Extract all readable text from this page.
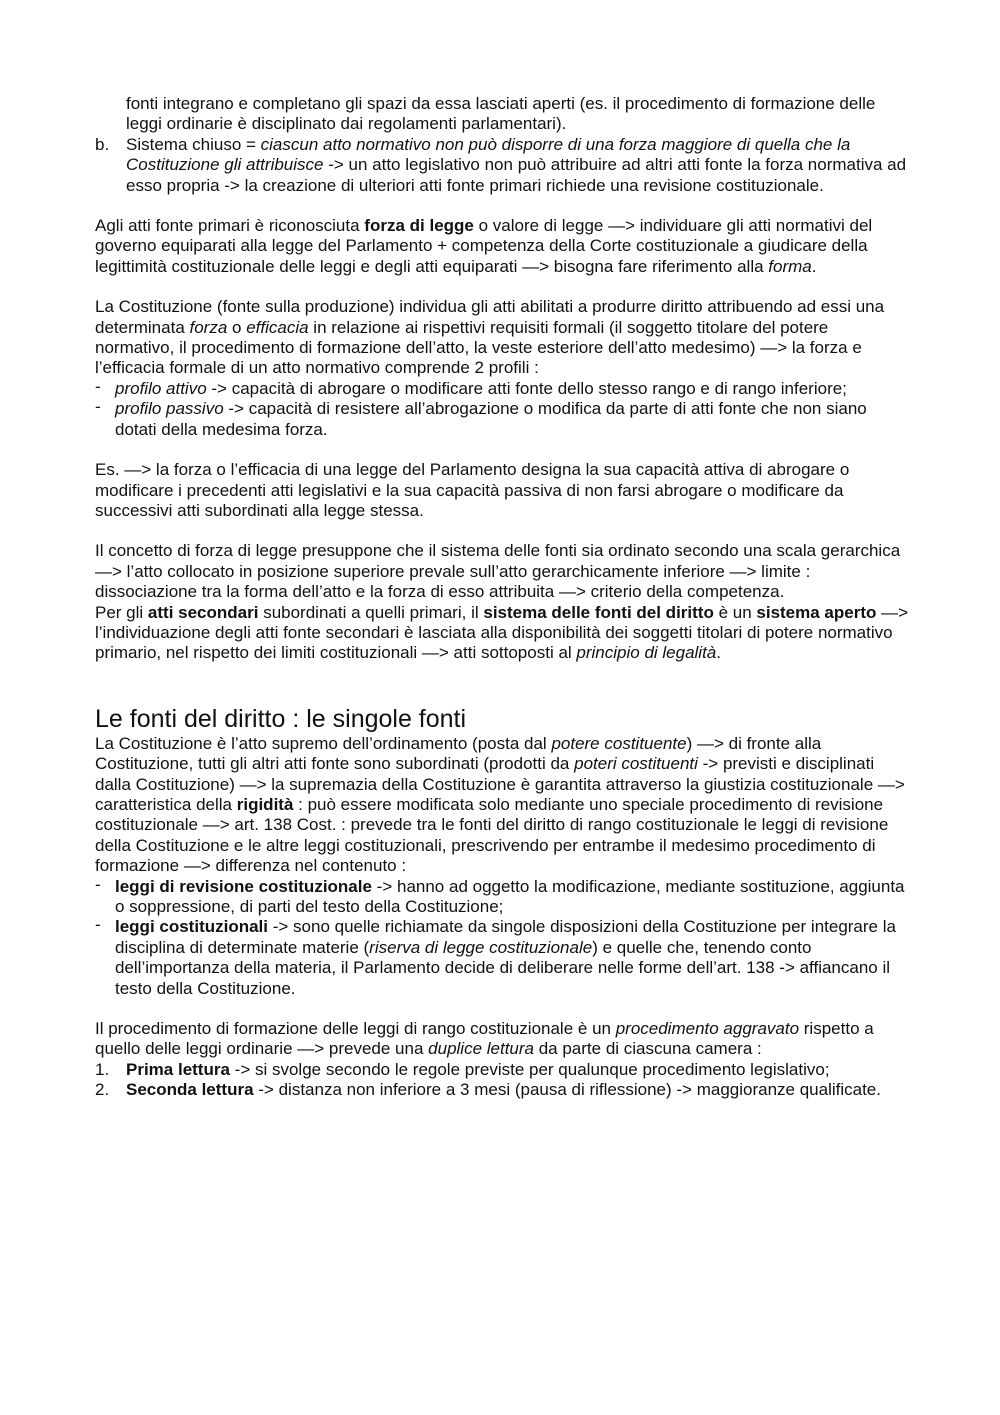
fonti integrano e completano gli spazi da essa lasciati aperti (es. il procedimento di formazione delle leggi ordinarie è disciplinato dai regolamenti parlamentari).

b. Sistema chiuso = ciascun atto normativo non può disporre di una forza maggiore di quella che la Costituzione gli attribuisce -> un atto legislativo non può attribuire ad altri atti fonte la forza normativa ad esso propria -> la creazione di ulteriori atti fonte primari richiede una revisione costituzionale.

Agli atti fonte primari è riconosciuta forza di legge o valore di legge —> individuare gli atti normativi del governo equiparati alla legge del Parlamento + competenza della Corte costituzionale a giudicare della legittimità costituzionale delle leggi e degli atti equiparati —> bisogna fare riferimento alla forma.

La Costituzione (fonte sulla produzione) individua gli atti abilitati a produrre diritto attribuendo ad essi una determinata forza o efficacia in relazione ai rispettivi requisiti formali (il soggetto titolare del potere normativo, il procedimento di formazione dell’atto, la veste esteriore dell’atto medesimo) —> la forza e l’efficacia formale di un atto normativo comprende 2 profili :

- profilo attivo -> capacità di abrogare o modificare atti fonte dello stesso rango e di rango inferiore;
- profilo passivo -> capacità di resistere all’abrogazione o modifica da parte di atti fonte che non siano dotati della medesima forza.

Es. —> la forza o l’efficacia di una legge del Parlamento designa la sua capacità attiva di abrogare o modificare i precedenti atti legislativi e la sua capacità passiva di non farsi abrogare o modificare da successivi atti subordinati alla legge stessa.

Il concetto di forza di legge presuppone che il sistema delle fonti sia ordinato secondo una scala gerarchica —> l’atto collocato in posizione superiore prevale sull’atto gerarchicamente inferiore —> limite : dissociazione tra la forma dell’atto e la forza di esso attribuita —> criterio della competenza.

Per gli atti secondari subordinati a quelli primari, il sistema delle fonti del diritto è un sistema aperto —> l’individuazione degli atti fonte secondari è lasciata alla disponibilità dei soggetti titolari di potere normativo primario, nel rispetto dei limiti costituzionali —> atti sottoposti al principio di legalità.

Le fonti del diritto : le singole fonti

La Costituzione è l’atto supremo dell’ordinamento (posta dal potere costituente) —> di fronte alla Costituzione, tutti gli altri atti fonte sono subordinati (prodotti da poteri costituenti -> previsti e disciplinati dalla Costituzione) —> la supremazia della Costituzione è garantita attraverso la giustizia costituzionale —> caratteristica della rigidità : può essere modificata solo mediante uno speciale procedimento di revisione costituzionale —> art. 138 Cost. : prevede tra le fonti del diritto di rango costituzionale le leggi di revisione della Costituzione e le altre leggi costituzionali, prescrivendo per entrambe il medesimo procedimento di formazione —> differenza nel contenuto :

- leggi di revisione costituzionale -> hanno ad oggetto la modificazione, mediante sostituzione, aggiunta o soppressione, di parti del testo della Costituzione;
- leggi costituzionali -> sono quelle richiamate da singole disposizioni della Costituzione per integrare la disciplina di determinate materie (riserva di legge costituzionale) e quelle che, tenendo conto dell’importanza della materia, il Parlamento decide di deliberare nelle forme dell’art. 138 -> affiancano il testo della Costituzione.

Il procedimento di formazione delle leggi di rango costituzionale è un procedimento aggravato rispetto a quello delle leggi ordinarie —> prevede una duplice lettura da parte di ciascuna camera :

1. Prima lettura -> si svolge secondo le regole previste per qualunque procedimento legislativo;
2. Seconda lettura -> distanza non inferiore a 3 mesi (pausa di riflessione) -> maggioranze qualificate.
